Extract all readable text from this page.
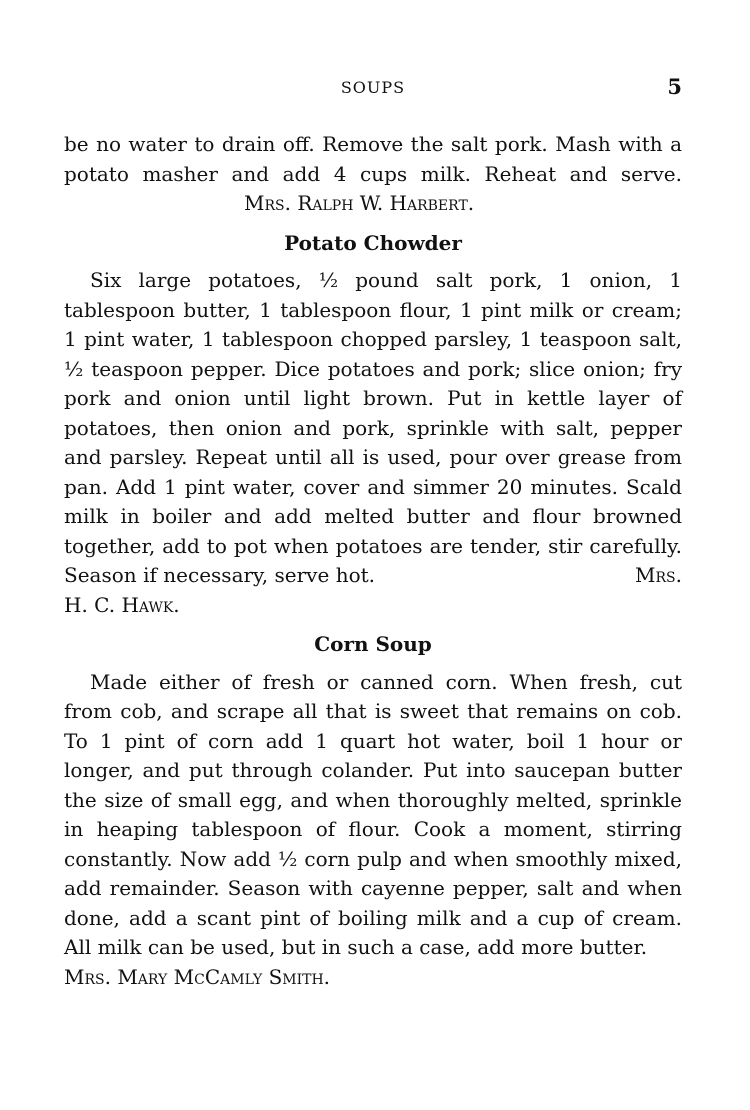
SOUPS	5

be no water to drain off. Remove the salt pork. Mash with a potato masher and add 4 cups milk. Reheat and serve.Mrs. Ralph W. Harbert.

Potato Chowder

Six large potatoes, ½ pound salt pork, 1 onion, 1 tablespoon butter, 1 tablespoon flour, 1 pint milk or cream; 1 pint water, 1 tablespoon chopped parsley, 1 teaspoon salt, ½ teaspoon pepper. Dice potatoes and pork; slice onion; fry pork and onion until light brown. Put in kettle layer of potatoes, then onion and pork, sprinkle with salt, pepper and parsley. Repeat until all is used, pour over grease from pan. Add 1 pint water, cover and simmer 20 minutes. Scald milk in boiler and add melted butter and flour browned together, add to pot when potatoes are tender, stir carefully. Season if necessary, serve hot.	Mrs. H. C. Hawk.

Corn Soup

Made either of fresh or canned corn. When fresh, cut from cob, and scrape all that is sweet that remains on cob. To 1 pint of corn add 1 quart hot water, boil 1 hour or longer, and put through colander. Put into saucepan butter the size of small egg, and when thoroughly melted, sprinkle in heaping tablespoon of flour. Cook a moment, stirring constantly. Now add ½ corn pulp and when smoothly mixed, add remainder. Season with cayenne pepper, salt and when done, add a scant pint of boiling milk and a cup of cream. All milk can be used, but in such a case, add more butter.

Mrs. Mary McCamly Smith.
